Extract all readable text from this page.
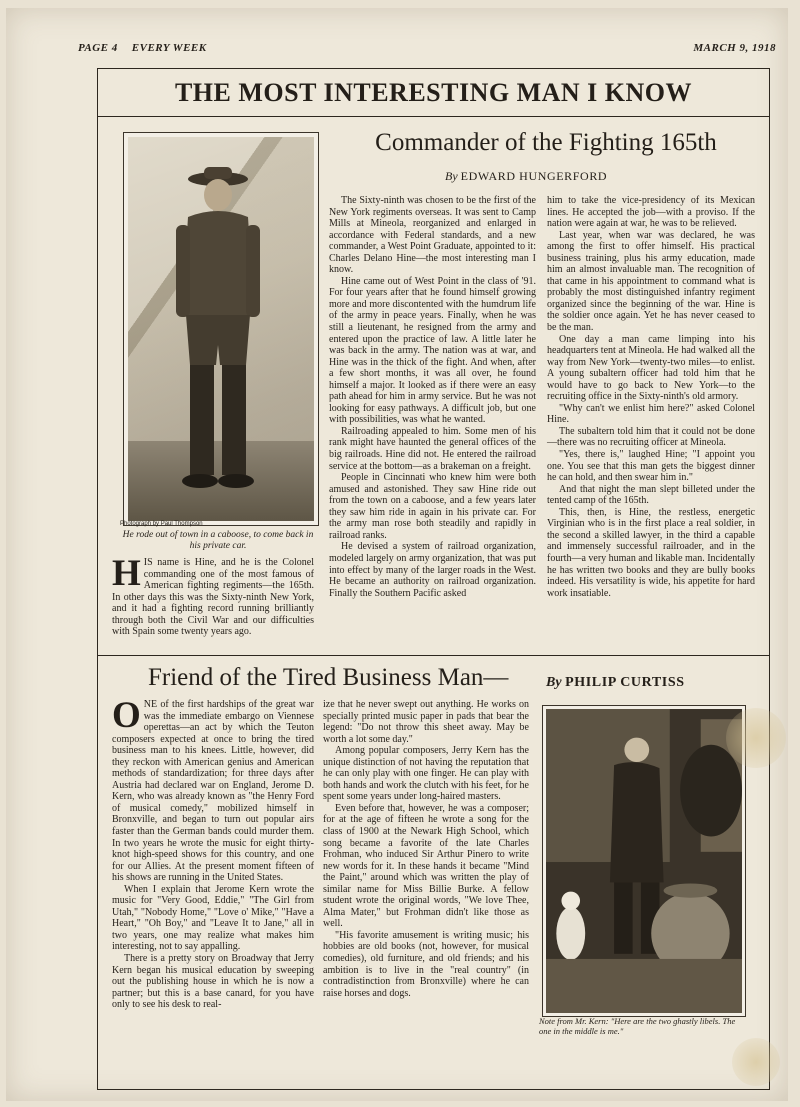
PAGE 4 EVERY WEEK	MARCH 9, 1918
THE MOST INTERESTING MAN I KNOW
Photograph by Paul Thompson
He rode out of town in a caboose, to come back in his private car.
Commander of the Fighting 165th
By EDWARD HUNGERFORD
H IS name is Hine, and he is the Colonel commanding one of the most famous of American fighting regiments—the 165th. In other days this was the Sixty-ninth New York, and it had a fighting record running brilliantly through both the Civil War and our difficulties with Spain some twenty years ago.

The Sixty-ninth was chosen to be the first of the New York regiments overseas. It was sent to Camp Mills at Mineola, reorganized and enlarged in accordance with Federal standards, and a new commander, a West Point Graduate, appointed to it: Charles Delano Hine—the most interesting man I know.

Hine came out of West Point in the class of '91. For four years after that he found himself growing more and more discontented with the humdrum life of the army in peace years. Finally, when he was still a lieutenant, he resigned from the army and entered upon the practice of law. A little later he was back in the army. The nation was at war, and Hine was in the thick of the fight. And when, after a few short months, it was all over, he found himself a major. It looked as if there were an easy path ahead for him in army service. But he was not looking for easy pathways. A difficult job, but one with possibilities, was what he wanted.

Railroading appealed to him. Some men of his rank might have haunted the general offices of the big railroads. Hine did not. He entered the railroad service at the bottom—as a brakeman on a freight.

People in Cincinnati who knew him were both amused and astonished. They saw Hine ride out from the town on a caboose, and a few years later they saw him ride in again in his private car. For the army man rose both steadily and rapidly in railroad ranks.

He devised a system of railroad organization, modeled largely on army organization, that was put into effect by many of the larger roads in the West. He became an authority on railroad organization. Finally the Southern Pacific asked

him to take the vice-presidency of its Mexican lines. He accepted the job—with a proviso. If the nation were again at war, he was to be relieved.

Last year, when war was declared, he was among the first to offer himself. His practical business training, plus his army education, made him an almost invaluable man. The recognition of that came in his appointment to command what is probably the most distinguished infantry regiment organized since the beginning of the war. Hine is the soldier once again. Yet he has never ceased to be the man.

One day a man came limping into his headquarters tent at Mineola. He had walked all the way from New York—twenty-two miles—to enlist. A young subaltern officer had told him that he would have to go back to New York—to the recruiting office in the Sixty-ninth's old armory.

"Why can't we enlist him here?" asked Colonel Hine.

The subaltern told him that it could not be done—there was no recruiting officer at Mineola.

"Yes, there is," laughed Hine; "I appoint you one. You see that this man gets the biggest dinner he can hold, and then swear him in."

And that night the man slept billeted under the tented camp of the 165th.

This, then, is Hine, the restless, energetic Virginian who is in the first place a real soldier, in the second a skilled lawyer, in the third a capable and immensely successful railroader, and in the fourth—a very human and likable man. Incidentally he has written two books and they are bully books indeed. His versatility is wide, his appetite for hard work insatiable.

Friend of the Tired Business Man—	By PHILIP CURTISS
O NE of the first hardships of the great war was the immediate embargo on Viennese operettas—an act by which the Teuton composers expected at once to bring the tired business man to his knees. Little, however, did they reckon with American genius and American methods of standardization; for three days after Austria had declared war on England, Jerome D. Kern, who was already known as "the Henry Ford of musical comedy," mobilized himself in Bronxville, and began to turn out popular airs faster than the German bands could murder them. In two years he wrote the music for eight thirty-knot high-speed shows for this country, and one for our Allies. At the present moment fifteen of his shows are running in the United States.

When I explain that Jerome Kern wrote the music for "Very Good, Eddie," "The Girl from Utah," "Nobody Home," "Love o' Mike," "Have a Heart," "Oh Boy," and "Leave It to Jane," all in two years, one may realize what makes him interesting, not to say appalling.

There is a pretty story on Broadway that Jerry Kern began his musical education by sweeping out the publishing house in which he is now a partner; but this is a base canard, for you have only to see his desk to real-

ize that he never swept out anything. He works on specially printed music paper in pads that bear the legend: "Do not throw this sheet away. May be worth a lot some day."

Among popular composers, Jerry Kern has the unique distinction of not having the reputation that he can only play with one finger. He can play with both hands and work the clutch with his feet, for he spent some years under long-haired masters.

Even before that, however, he was a composer; for at the age of fifteen he wrote a song for the class of 1900 at the Newark High School, which song became a favorite of the late Charles Frohman, who induced Sir Arthur Pinero to write new words for it. In these hands it became "Mind the Paint," around which was written the play of similar name for Miss Billie Burke. A fellow student wrote the original words, "We love Thee, Alma Mater," but Frohman didn't like those as well.

"His favorite amusement is writing music; his hobbies are old books (not, however, for musical comedies), old furniture, and old friends; and his ambition is to live in the "real country" (in contradistinction from Bronxville) where he can raise horses and dogs.

Note from Mr. Kern: "Here are the two ghastly libels. The one in the middle is me."
